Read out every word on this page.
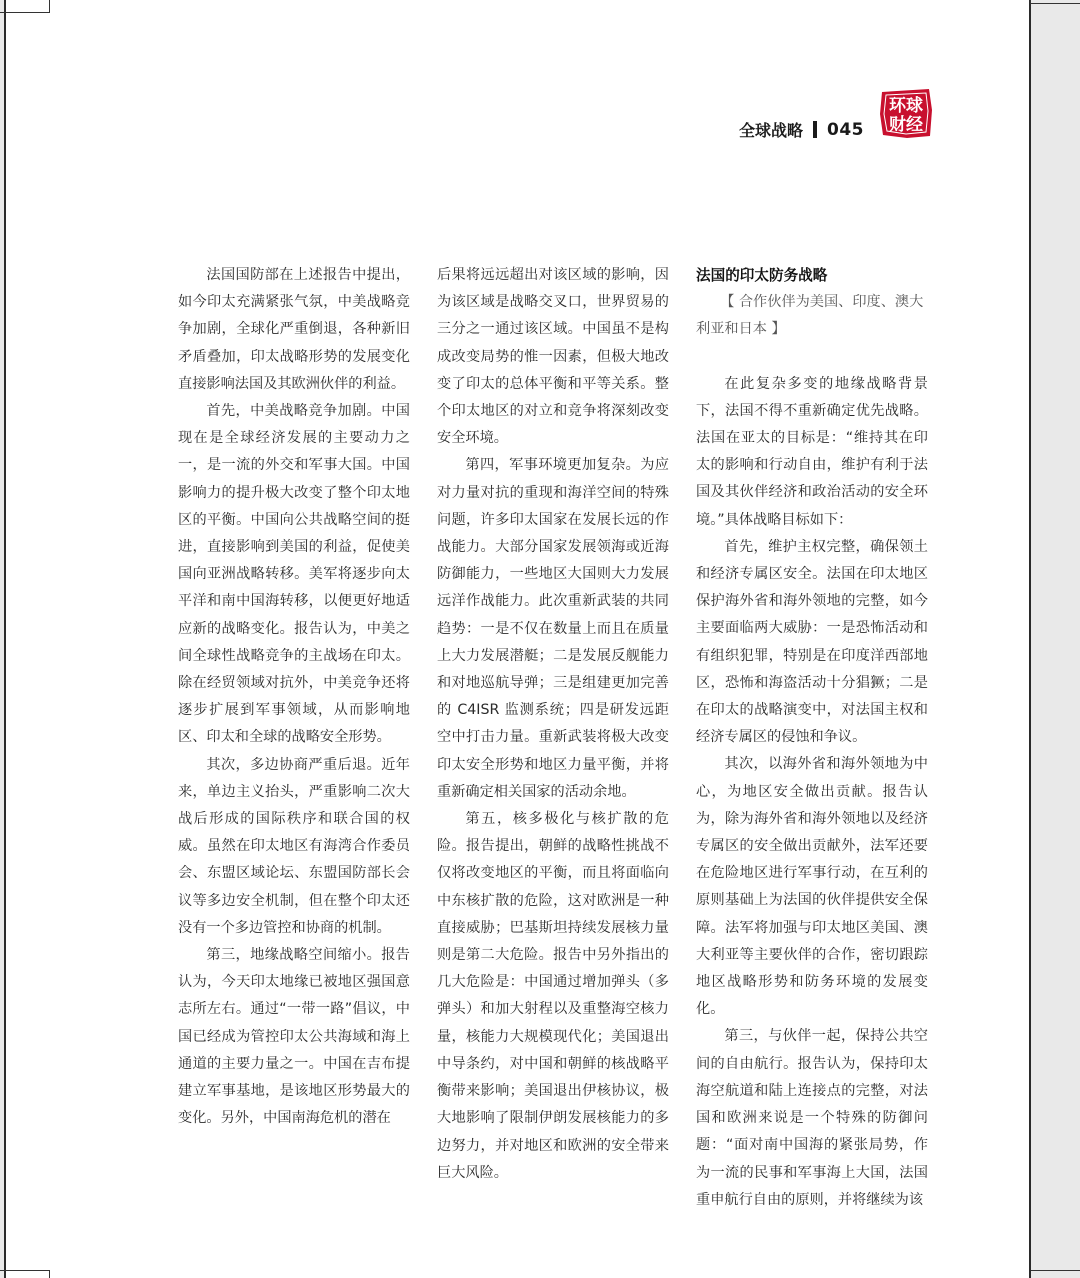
全球战略 045
环球
财经

法国国防部在上述报告中提出，如今印太充满紧张气氛，中美战略竞争加剧，全球化严重倒退，各种新旧矛盾叠加，印太战略形势的发展变化直接影响法国及其欧洲伙伴的利益。

首先，中美战略竞争加剧。中国现在是全球经济发展的主要动力之一，是一流的外交和军事大国。中国影响力的提升极大改变了整个印太地区的平衡。中国向公共战略空间的挺进，直接影响到美国的利益，促使美国向亚洲战略转移。美军将逐步向太平洋和南中国海转移，以便更好地适应新的战略变化。报告认为，中美之间全球性战略竞争的主战场在印太。除在经贸领域对抗外，中美竞争还将逐步扩展到军事领域，从而影响地区、印太和全球的战略安全形势。

其次，多边协商严重后退。近年来，单边主义抬头，严重影响二次大战后形成的国际秩序和联合国的权威。虽然在印太地区有海湾合作委员会、东盟区域论坛、东盟国防部长会议等多边安全机制，但在整个印太还没有一个多边管控和协商的机制。

第三，地缘战略空间缩小。报告认为，今天印太地缘已被地区强国意志所左右。通过“一带一路”倡议，中国已经成为管控印太公共海域和海上通道的主要力量之一。中国在吉布提建立军事基地，是该地区形势最大的变化。另外，中国南海危机的潜在

后果将远远超出对该区域的影响，因为该区域是战略交叉口，世界贸易的三分之一通过该区域。中国虽不是构成改变局势的惟一因素，但极大地改变了印太的总体平衡和平等关系。整个印太地区的对立和竞争将深刻改变安全环境。

第四，军事环境更加复杂。为应对力量对抗的重现和海洋空间的特殊问题，许多印太国家在发展长远的作战能力。大部分国家发展领海或近海防御能力，一些地区大国则大力发展远洋作战能力。此次重新武装的共同趋势：一是不仅在数量上而且在质量上大力发展潜艇；二是发展反舰能力和对地巡航导弹；三是组建更加完善的 C4ISR 监测系统；四是研发远距空中打击力量。重新武装将极大改变印太安全形势和地区力量平衡，并将重新确定相关国家的活动余地。

第五，核多极化与核扩散的危险。报告提出，朝鲜的战略性挑战不仅将改变地区的平衡，而且将面临向中东核扩散的危险，这对欧洲是一种直接威胁；巴基斯坦持续发展核力量则是第二大危险。报告中另外指出的几大危险是：中国通过增加弹头（多弹头）和加大射程以及重整海空核力量，核能力大规模现代化；美国退出中导条约，对中国和朝鲜的核战略平衡带来影响；美国退出伊核协议，极大地影响了限制伊朗发展核能力的多边努力，并对地区和欧洲的安全带来巨大风险。

法国的印太防务战略

【 合作伙伴为美国、印度、澳大
利亚和日本 】

在此复杂多变的地缘战略背景下，法国不得不重新确定优先战略。法国在亚太的目标是：“维持其在印太的影响和行动自由，维护有利于法国及其伙伴经济和政治活动的安全环境。”具体战略目标如下：

首先，维护主权完整，确保领土和经济专属区安全。法国在印太地区保护海外省和海外领地的完整，如今主要面临两大威胁：一是恐怖活动和有组织犯罪，特别是在印度洋西部地区，恐怖和海盗活动十分猖獗；二是在印太的战略演变中，对法国主权和经济专属区的侵蚀和争议。

其次，以海外省和海外领地为中心，为地区安全做出贡献。报告认为，除为海外省和海外领地以及经济专属区的安全做出贡献外，法军还要在危险地区进行军事行动，在互利的原则基础上为法国的伙伴提供安全保障。法军将加强与印太地区美国、澳大利亚等主要伙伴的合作，密切跟踪地区战略形势和防务环境的发展变化。

第三，与伙伴一起，保持公共空间的自由航行。报告认为，保持印太海空航道和陆上连接点的完整，对法国和欧洲来说是一个特殊的防御问题：“面对南中国海的紧张局势，作为一流的民事和军事海上大国，法国重申航行自由的原则，并将继续为该
